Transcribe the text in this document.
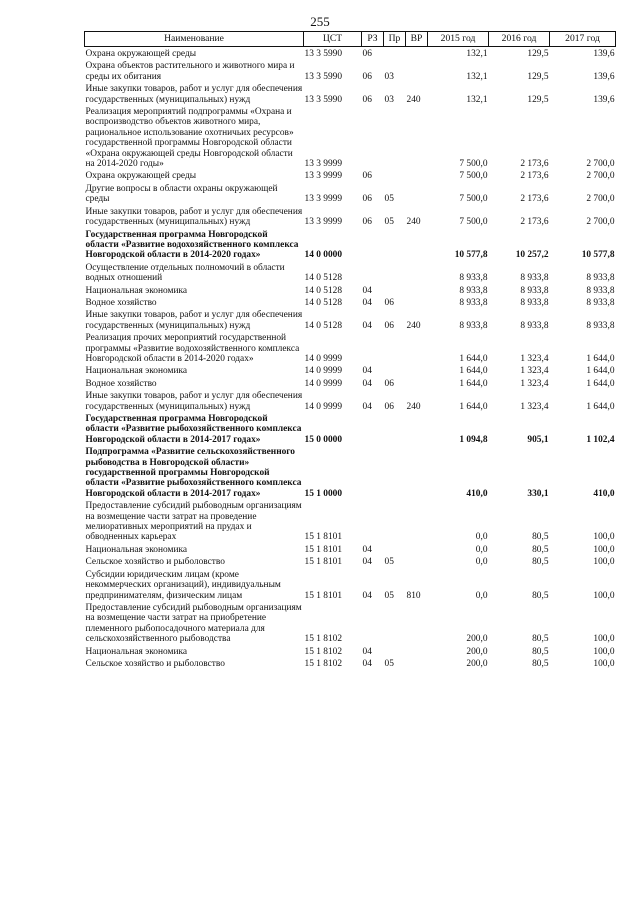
255
Наименование	ЦСТ	РЗ	Пр	ВР	2015 год	2016 год	2017 год
Охрана окружающей среды	13 3 5990	06			132,1	129,5	139,6
Охрана объектов растительного и животного мира и среды их обитания	13 3 5990	06	03		132,1	129,5	139,6
Иные закупки товаров, работ и услуг для обеспечения государственных (муниципальных) нужд	13 3 5990	06	03	240	132,1	129,5	139,6
Реализация мероприятий подпрограммы «Охрана и воспроизводство объектов животного мира, рациональное использование охотничьих ресурсов» государственной программы Новгородской области «Охрана окружающей среды Новгородской области на 2014-2020 годы»	13 3 9999				7 500,0	2 173,6	2 700,0
Охрана окружающей среды	13 3 9999	06			7 500,0	2 173,6	2 700,0
Другие вопросы в области охраны окружающей среды	13 3 9999	06	05		7 500,0	2 173,6	2 700,0
Иные закупки товаров, работ и услуг для обеспечения государственных (муниципальных) нужд	13 3 9999	06	05	240	7 500,0	2 173,6	2 700,0
Государственная программа Новгородской области «Развитие водохозяйственного комплекса Новгородской области в 2014-2020 годах»	14 0 0000				10 577,8	10 257,2	10 577,8
Осуществление отдельных полномочий в области водных отношений	14 0 5128				8 933,8	8 933,8	8 933,8
Национальная экономика	14 0 5128	04			8 933,8	8 933,8	8 933,8
Водное хозяйство	14 0 5128	04	06		8 933,8	8 933,8	8 933,8
Иные закупки товаров, работ и услуг для обеспечения государственных (муниципальных) нужд	14 0 5128	04	06	240	8 933,8	8 933,8	8 933,8
Реализация прочих мероприятий государственной программы «Развитие водохозяйственного комплекса Новгородской области в 2014-2020 годах»	14 0 9999				1 644,0	1 323,4	1 644,0
Национальная экономика	14 0 9999	04			1 644,0	1 323,4	1 644,0
Водное хозяйство	14 0 9999	04	06		1 644,0	1 323,4	1 644,0
Иные закупки товаров, работ и услуг для обеспечения государственных (муниципальных) нужд	14 0 9999	04	06	240	1 644,0	1 323,4	1 644,0
Государственная программа Новгородской области «Развитие рыбохозяйственного комплекса Новгородской области в 2014-2017 годах»	15 0 0000				1 094,8	905,1	1 102,4
Подпрограмма «Развитие сельскохозяйственного рыбоводства в Новгородской области» государственной программы Новгородской области «Развитие рыбохозяйственного комплекса Новгородской области в 2014-2017 годах»	15 1 0000				410,0	330,1	410,0
Предоставление субсидий рыбоводным организациям на возмещение части затрат на проведение мелиоративных мероприятий на прудах и обводненных карьерах	15 1 8101				0,0	80,5	100,0
Национальная экономика	15 1 8101	04			0,0	80,5	100,0
Сельское хозяйство и рыболовство	15 1 8101	04	05		0,0	80,5	100,0
Субсидии юридическим лицам (кроме некоммерческих организаций), индивидуальным предпринимателям, физическим лицам	15 1 8101	04	05	810	0,0	80,5	100,0
Предоставление субсидий рыбоводным организациям на возмещение части затрат на приобретение племенного рыбопосадочного материала для сельскохозяйственного рыбоводства	15 1 8102				200,0	80,5	100,0
Национальная экономика	15 1 8102	04			200,0	80,5	100,0
Сельское хозяйство и рыболовство	15 1 8102	04	05		200,0	80,5	100,0
